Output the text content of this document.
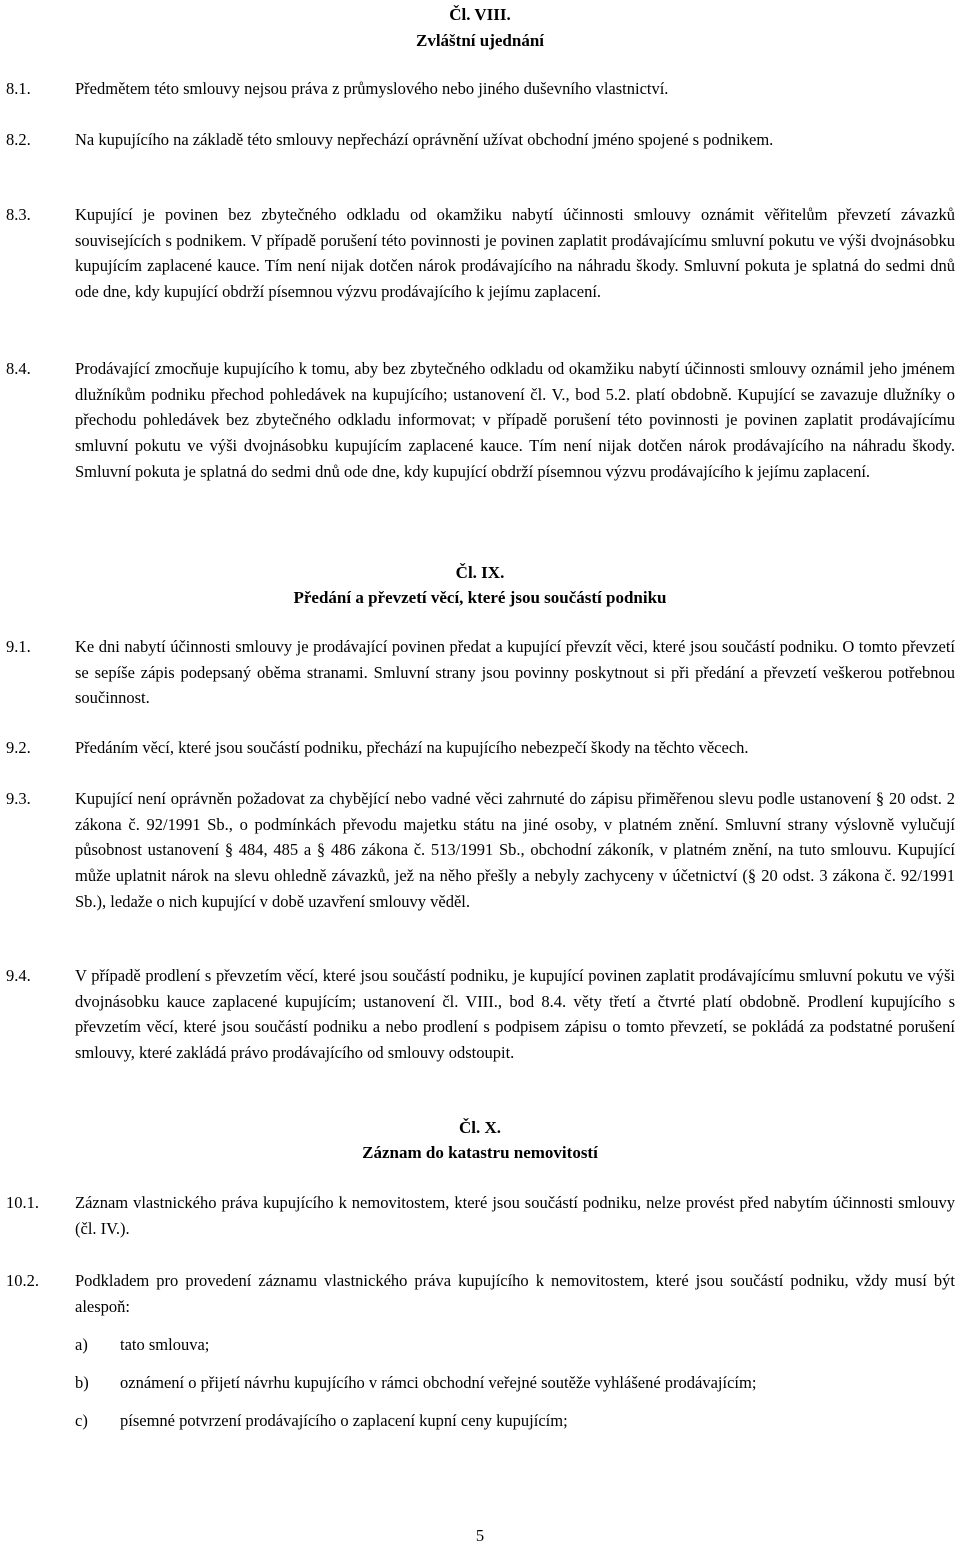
Čl. VIII.
Zvláštní ujednání
8.1.	Předmětem této smlouvy nejsou práva z průmyslového nebo jiného duševního vlastnictví.
8.2.	Na kupujícího na základě této smlouvy nepřechází oprávnění užívat obchodní jméno spojené s podnikem.
8.3.	Kupující je povinen bez zbytečného odkladu od okamžiku nabytí účinnosti smlouvy oznámit věřitelům převzetí závazků souvisejících s podnikem. V případě porušení této povinnosti je povinen zaplatit prodávajícímu smluvní pokutu ve výši dvojnásobku kupujícím zaplacené kauce. Tím není nijak dotčen nárok prodávajícího na náhradu škody. Smluvní pokuta je splatná do sedmi dnů ode dne, kdy kupující obdrží písemnou výzvu prodávajícího k jejímu zaplacení.
8.4.	Prodávající zmocňuje kupujícího k tomu, aby bez zbytečného odkladu od okamžiku nabytí účinnosti smlouvy oznámil jeho jménem dlužníkům podniku přechod pohledávek na kupujícího; ustanovení čl. V., bod 5.2. platí obdobně. Kupující se zavazuje dlužníky o přechodu pohledávek bez zbytečného odkladu informovat; v případě porušení této povinnosti je povinen zaplatit prodávajícímu smluvní pokutu ve výši dvojnásobku kupujícím zaplacené kauce. Tím není nijak dotčen nárok prodávajícího na náhradu škody. Smluvní pokuta je splatná do sedmi dnů ode dne, kdy kupující obdrží písemnou výzvu prodávajícího k jejímu zaplacení.
Čl. IX.
Předání a převzetí věcí, které jsou součástí podniku
9.1.	Ke dni nabytí účinnosti smlouvy je prodávající povinen předat a kupující převzít věci, které jsou součástí podniku. O tomto převzetí se sepíše zápis podepsaný oběma stranami. Smluvní strany jsou povinny poskytnout si při předání a převzetí veškerou potřebnou součinnost.
9.2.	Předáním věcí, které jsou součástí podniku, přechází na kupujícího nebezpečí škody na těchto věcech.
9.3.	Kupující není oprávněn požadovat za chybějící nebo vadné věci zahrnuté do zápisu přiměřenou slevu podle ustanovení § 20 odst. 2 zákona č. 92/1991 Sb., o podmínkách převodu majetku státu na jiné osoby, v platném znění. Smluvní strany výslovně vylučují působnost ustanovení § 484, 485 a § 486 zákona č. 513/1991 Sb., obchodní zákoník, v platném znění, na tuto smlouvu. Kupující může uplatnit nárok na slevu ohledně závazků, jež na něho přešly a nebyly zachyceny v účetnictví (§ 20 odst. 3 zákona č. 92/1991 Sb.), ledaže o nich kupující v době uzavření smlouvy věděl.
9.4.	V případě prodlení s převzetím věcí, které jsou součástí podniku, je kupující povinen zaplatit prodávajícímu smluvní pokutu ve výši dvojnásobku kauce zaplacené kupujícím; ustanovení čl. VIII., bod 8.4. věty třetí a čtvrté platí obdobně. Prodlení kupujícího s převzetím věcí, které jsou součástí podniku a nebo prodlení s podpisem zápisu o tomto převzetí, se pokládá za podstatné porušení smlouvy, které zakládá právo prodávajícího od smlouvy odstoupit.
Čl. X.
Záznam do katastru nemovitostí
10.1. Záznam vlastnického práva kupujícího k nemovitostem, které jsou součástí podniku, nelze provést před nabytím účinnosti smlouvy (čl. IV.).
10.2. Podkladem pro provedení záznamu vlastnického práva kupujícího k nemovitostem, které jsou součástí podniku, vždy musí být alespoň:
a) tato smlouva;
b) oznámení o přijetí návrhu kupujícího v rámci obchodní veřejné soutěže vyhlášené prodávajícím;
c) písemné potvrzení prodávajícího o zaplacení kupní ceny kupujícím;
5
